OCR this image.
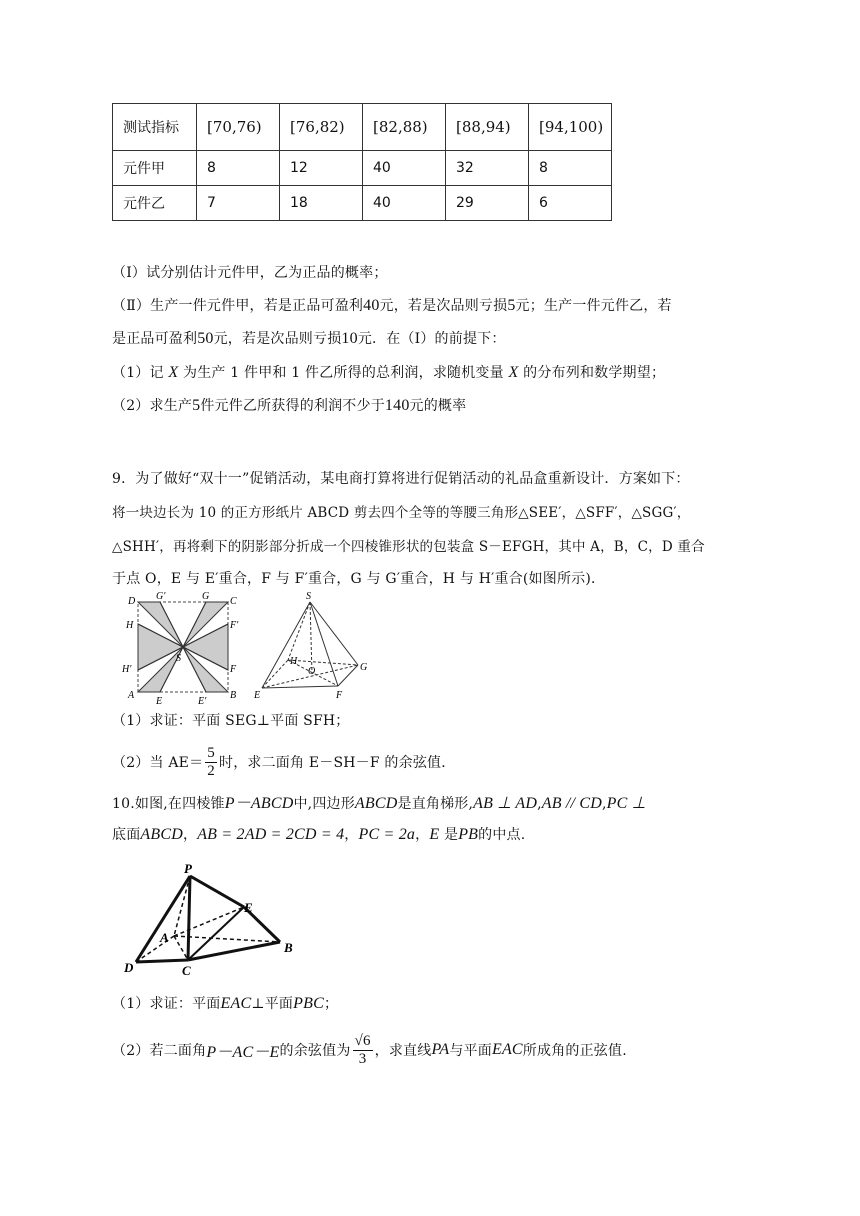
测试指标	[70,76)	[76,82)	[82,88)	[88,94)	[94,100)
元件甲	8	12	40	32	8
元件乙	7	18	40	29	6
（Ⅰ）试分别估计元件甲，乙为正品的概率；
（Ⅱ）生产一件元件甲，若是正品可盈利40元，若是次品则亏损5元；生产一件元件乙，若
是正品可盈利50元，若是次品则亏损10元．在（Ⅰ）的前提下：
（1）记 X 为生产 1 件甲和 1 件乙所得的总利润，求随机变量 X 的分布列和数学期望；
（2）求生产5件元件乙所获得的利润不少于140元的概率
9．为了做好“双十一”促销活动，某电商打算将进行促销活动的礼品盒重新设计．方案如下：
将一块边长为 10 的正方形纸片 ABCD 剪去四个全等的等腰三角形△SEE′，△SFF′，△SGG′，
△SHH′，再将剩下的阴影部分折成一个四棱锥形状的包装盒 S－EFGH，其中 A，B，C，D 重合
于点 O，E 与 E′重合，F 与 F′重合，G 与 G′重合，H 与 H′重合(如图所示)．
D G′	G C
H	F′
S
H′	F
A
E	E′
B
S
H
O	G
E	F
（1）求证：平面 SEG⊥平面 SFH；
（2）当 $AE= \frac{5}{2}$ 时，求二面角 E－SH－F 的余弦值．
10.如图,在四棱锥P－ABCD中,四边形ABCD是直角梯形,AB ⊥ AD,AB // CD,PC ⊥
底面ABCD，AB = 2AD = 2CD = 4，PC = 2a，E 是PB的中点.
P
E
A
B
D	C
（1）求证：平面EAC⊥平面PBC；
（2）若二面角 P－AC－E 的余弦值为 $\frac{√6}{3}$ ，求直线 PA 与平面 EAC 所成角的正弦值.
